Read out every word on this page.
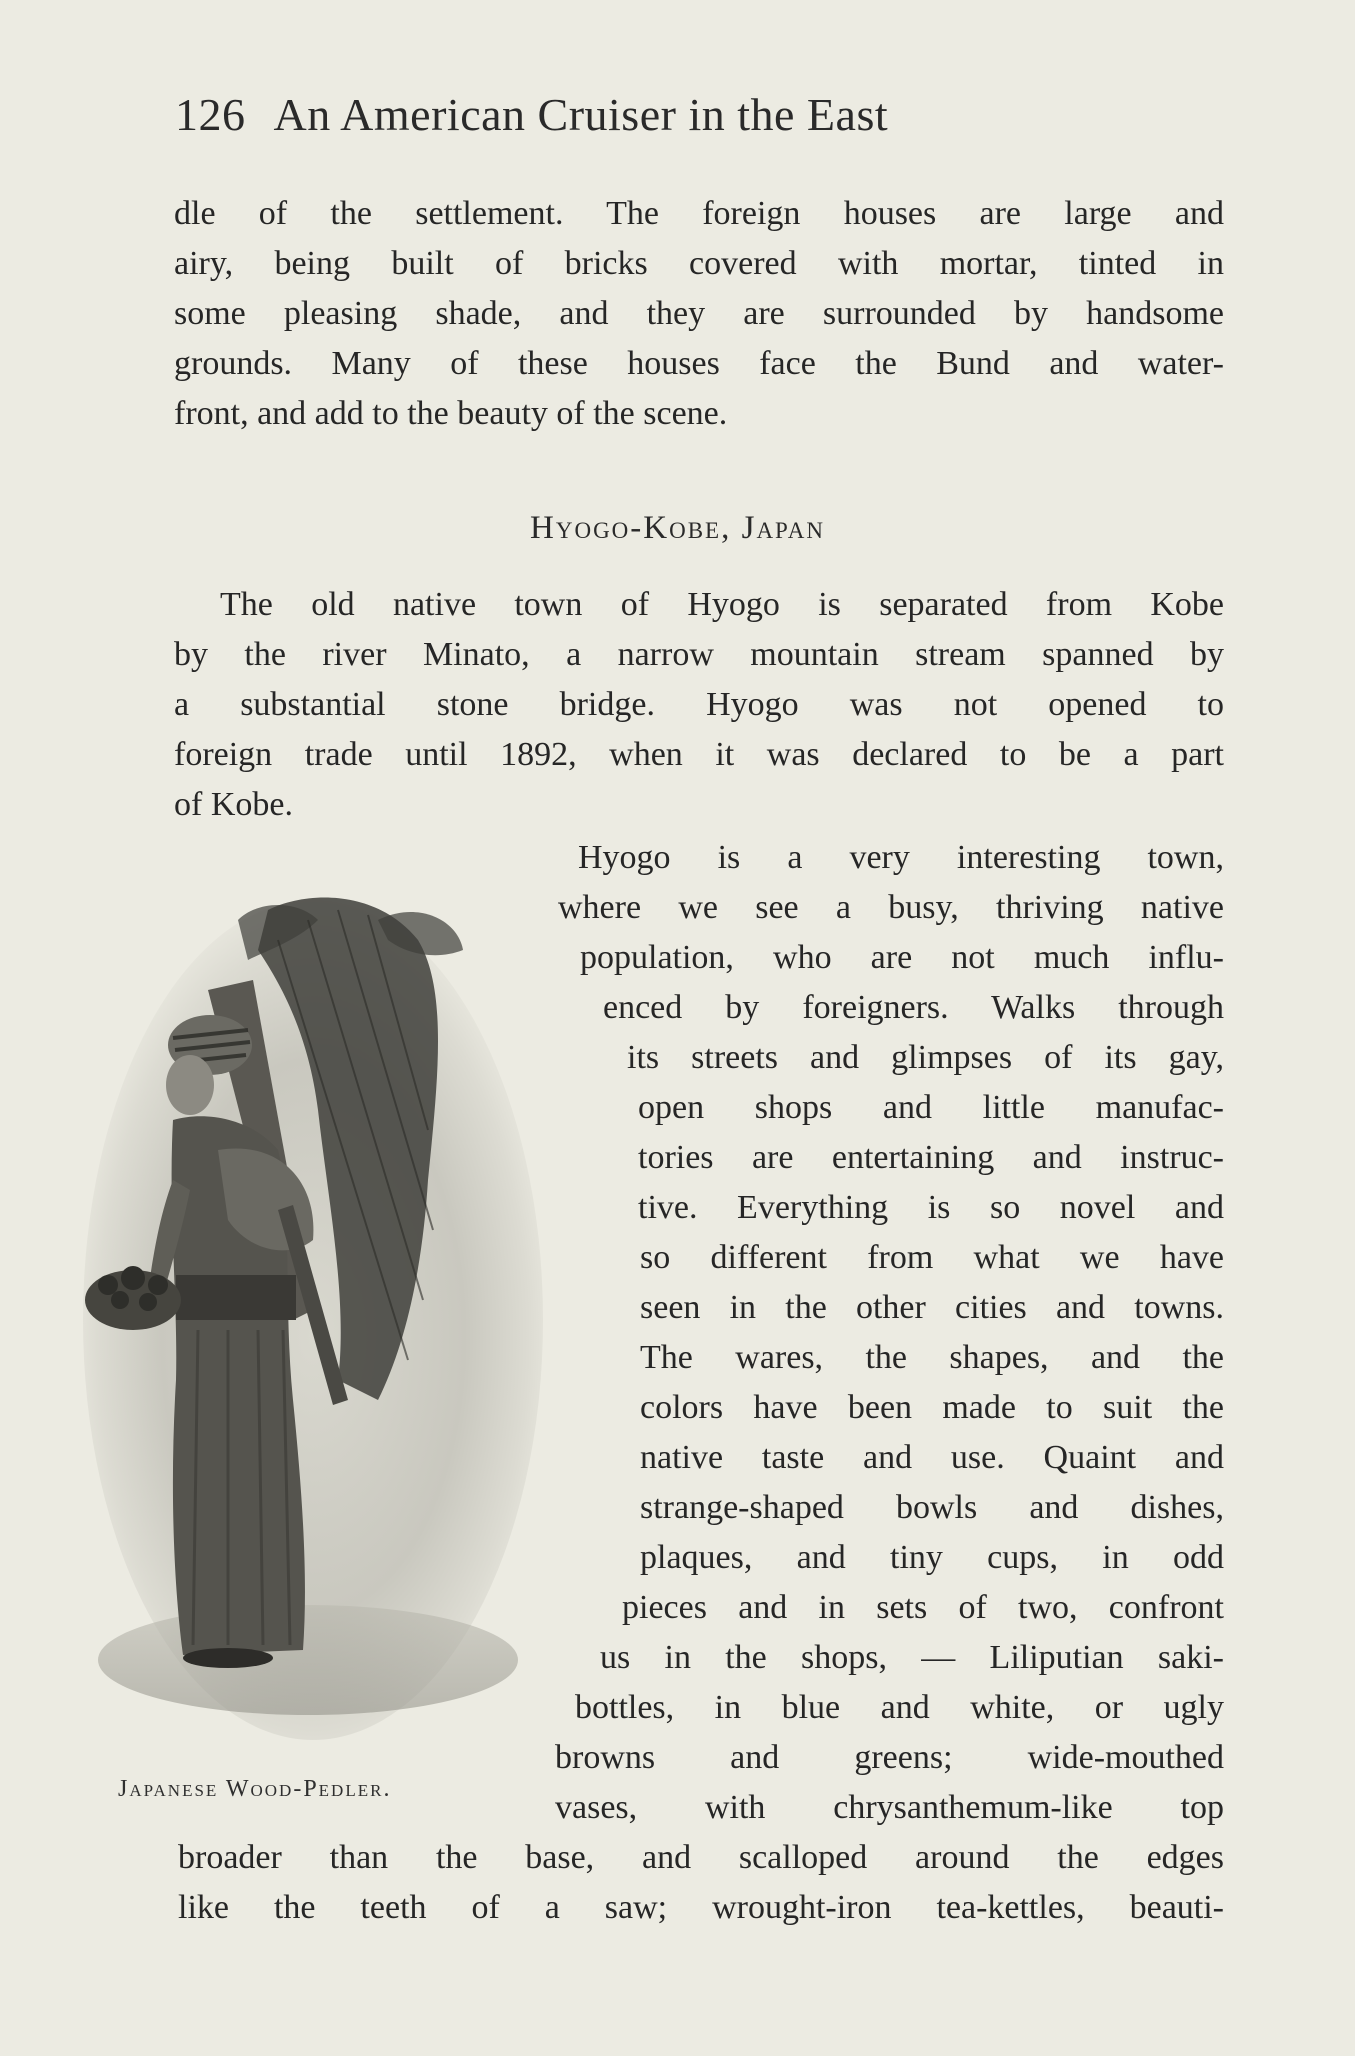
126 An American Cruiser in the East
dle of the settlement. The foreign houses are large and
airy, being built of bricks covered with mortar, tinted in
some pleasing shade, and they are surrounded by handsome
grounds. Many of these houses face the Bund and water-
front, and add to the beauty of the scene.
Hyogo-Kobe, Japan
The old native town of Hyogo is separated from Kobe
by the river Minato, a narrow mountain stream spanned by
a substantial stone bridge. Hyogo was not opened to
foreign trade until 1892, when it was declared to be a part
of Kobe.
Hyogo is a very interesting town,
where we see a busy, thriving native
population, who are not much influ-
enced by foreigners. Walks through
its streets and glimpses of its gay,
open shops and little manufac-
tories are entertaining and instruc-
tive. Everything is so novel and
so different from what we have
seen in the other cities and towns.
The wares, the shapes, and the
colors have been made to suit the
native taste and use. Quaint and
strange-shaped bowls and dishes,
plaques, and tiny cups, in odd
pieces and in sets of two, confront
us in the shops, — Liliputian saki-
bottles, in blue and white, or ugly
browns and greens; wide-mouthed
vases, with chrysanthemum-like top
broader than the base, and scalloped around the edges
like the teeth of a saw; wrought-iron tea-kettles, beauti-
Japanese Wood-Pedler.
